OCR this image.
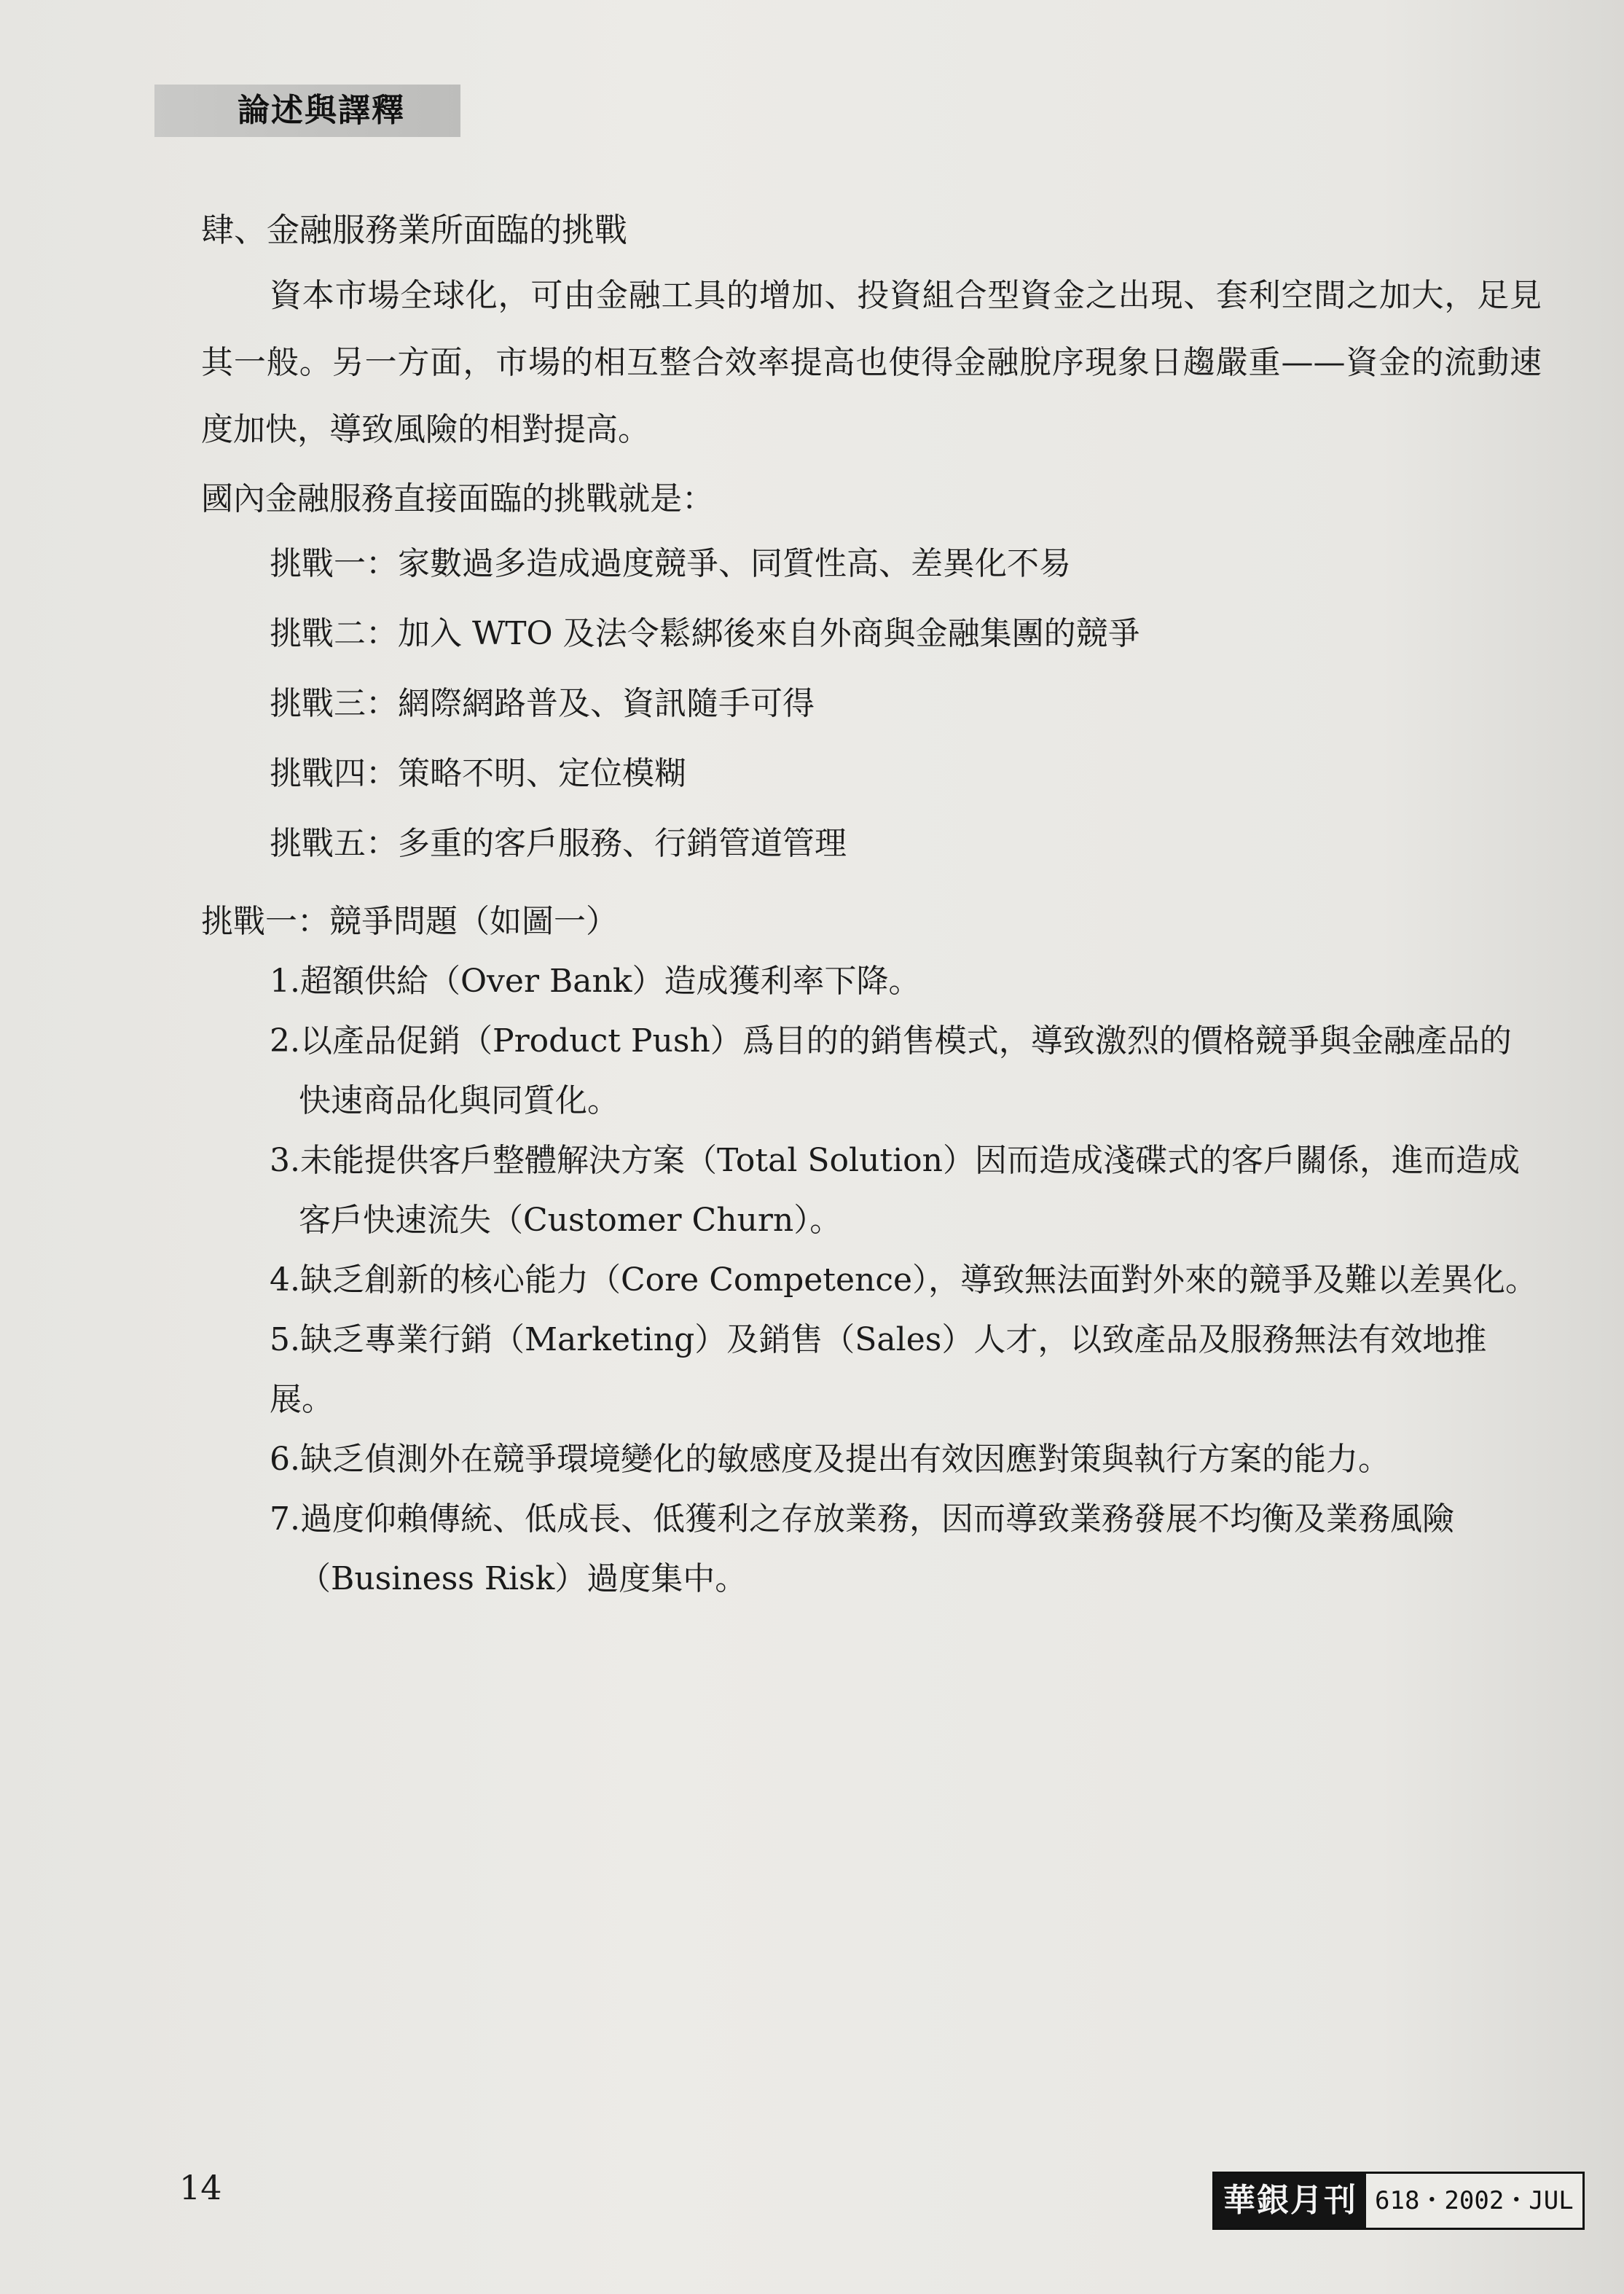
論述與譯釋

肆、金融服務業所面臨的挑戰

資本市場全球化，可由金融工具的增加、投資組合型資金之出現、套利空間之加大，足見其一般。另一方面，市場的相互整合效率提高也使得金融脫序現象日趨嚴重——資金的流動速度加快，導致風險的相對提高。

國內金融服務直接面臨的挑戰就是：

挑戰一：家數過多造成過度競爭、同質性高、差異化不易
挑戰二：加入 WTO 及法令鬆綁後來自外商與金融集團的競爭
挑戰三：網際網路普及、資訊隨手可得
挑戰四：策略不明、定位模糊
挑戰五：多重的客戶服務、行銷管道管理

挑戰一：競爭問題（如圖一）

1.超額供給（Over Bank）造成獲利率下降。
2.以產品促銷（Product Push）爲目的的銷售模式，導致激烈的價格競爭與金融產品的
快速商品化與同質化。
3.未能提供客戶整體解決方案（Total Solution）因而造成淺碟式的客戶關係，進而造成
客戶快速流失（Customer Churn）。
4.缺乏創新的核心能力（Core Competence），導致無法面對外來的競爭及難以差異化。
5.缺乏專業行銷（Marketing）及銷售（Sales）人才，以致產品及服務無法有效地推展。
6.缺乏偵測外在競爭環境變化的敏感度及提出有效因應對策與執行方案的能力。
7.過度仰賴傳統、低成長、低獲利之存放業務，因而導致業務發展不均衡及業務風險
（Business Risk）過度集中。
14	華銀月刊 618・2002・JUL
